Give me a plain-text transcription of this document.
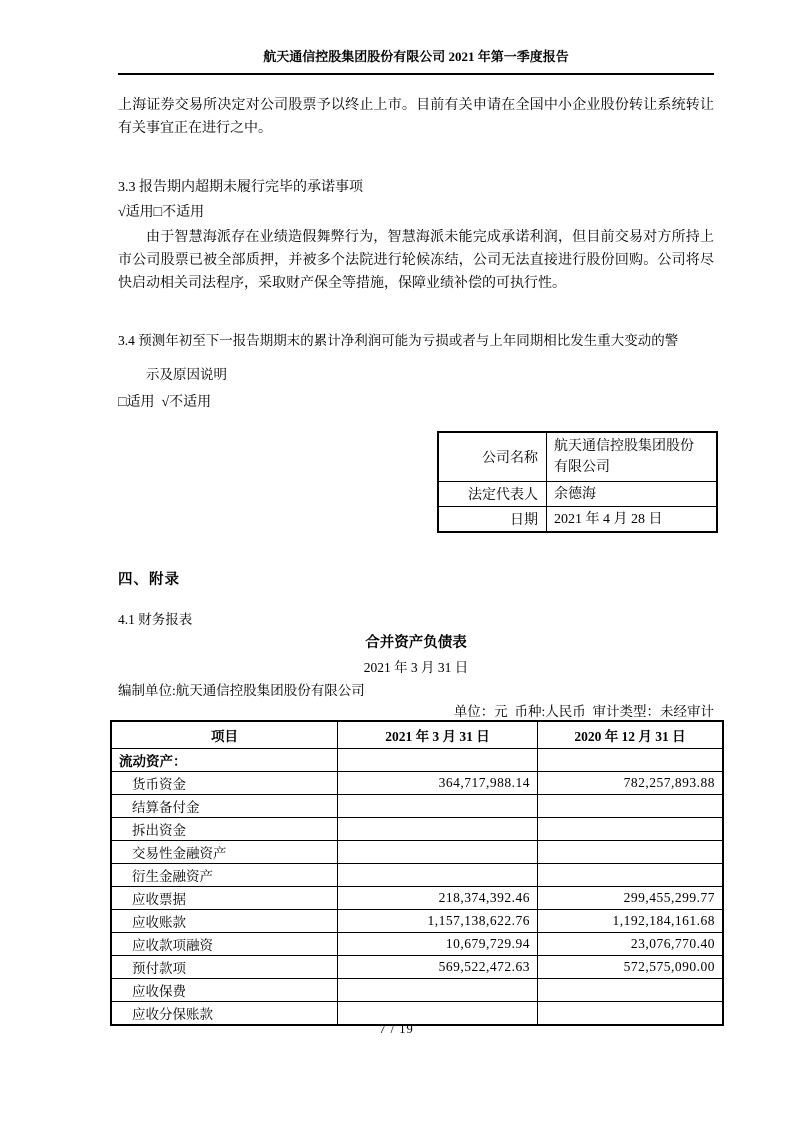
航天通信控股集团股份有限公司 2021 年第一季度报告
上海证券交易所决定对公司股票予以终止上市。目前有关申请在全国中小企业股份转让系统转让有关事宜正在进行之中。
3.3 报告期内超期未履行完毕的承诺事项
√适用□不适用
由于智慧海派存在业绩造假舞弊行为，智慧海派未能完成承诺利润，但目前交易对方所持上市公司股票已被全部质押，并被多个法院进行轮候冻结，公司无法直接进行股份回购。公司将尽快启动相关司法程序，采取财产保全等措施，保障业绩补偿的可执行性。
3.4 预测年初至下一报告期期末的累计净利润可能为亏损或者与上年同期相比发生重大变动的警
示及原因说明
□适用  √不适用
公司名称	航天通信控股集团股份有限公司
法定代表人	余德海
日期	2021 年 4 月 28 日
四、附录
4.1 财务报表
合并资产负债表
2021 年 3 月 31 日
编制单位:航天通信控股集团股份有限公司
单位：元  币种:人民币  审计类型：未经审计
项目	2021 年 3 月 31 日	2020 年 12 月 31 日
流动资产：		
货币资金	364,717,988.14	782,257,893.88
结算备付金		
拆出资金		
交易性金融资产		
衍生金融资产		
应收票据	218,374,392.46	299,455,299.77
应收账款	1,157,138,622.76	1,192,184,161.68
应收款项融资	10,679,729.94	23,076,770.40
预付款项	569,522,472.63	572,575,090.00
应收保费		
应收分保账款		
7 / 19
